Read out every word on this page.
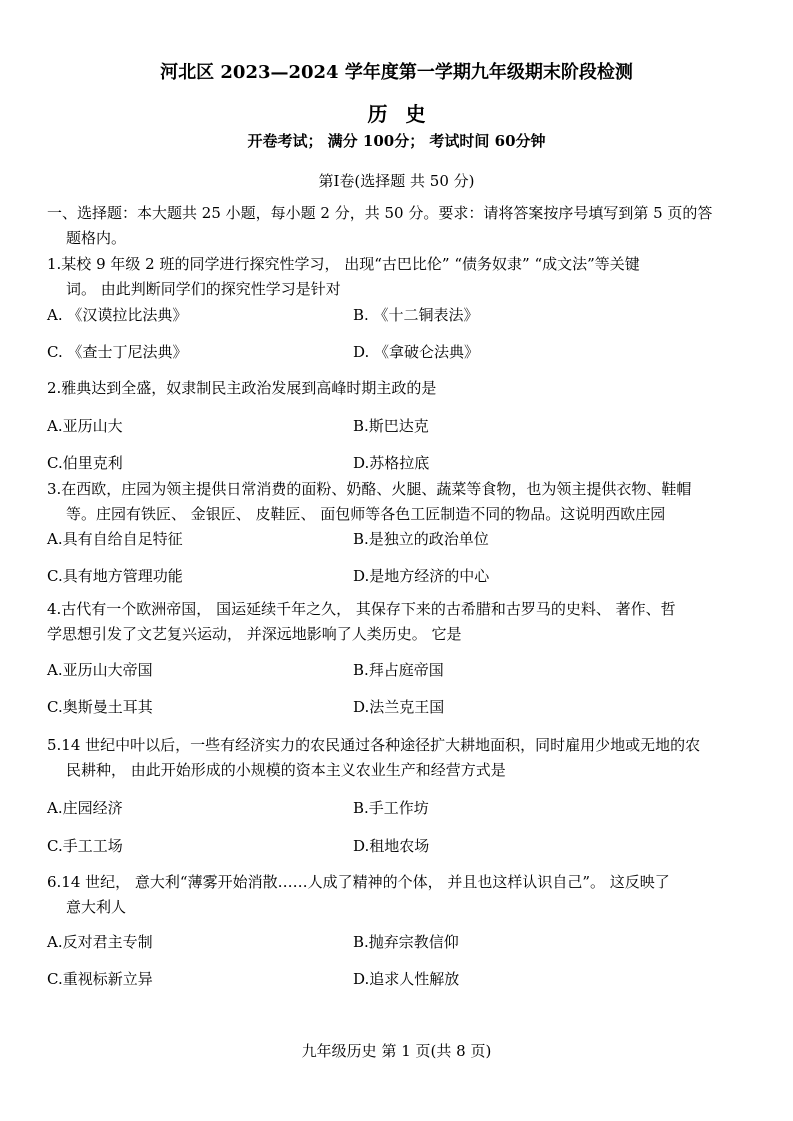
河北区 2023—2024 学年度第一学期九年级期末阶段检测
历史
开卷考试； 满分 100分； 考试时间 60分钟
第Ⅰ卷(选择题 共 50 分)
一、选择题：本大题共 25 小题，每小题 2 分，共 50 分。要求：请将答案按序号填写到第 5 页的答
题格内。
1.某校 9 年级 2 班的同学进行探究性学习， 出现“古巴比伦” “债务奴隶” “成文法”等关键
词。 由此判断同学们的探究性学习是针对
A. 《汉谟拉比法典》	B. 《十二铜表法》
C. 《查士丁尼法典》	D. 《拿破仑法典》
2.雅典达到全盛，奴隶制民主政治发展到高峰时期主政的是
A.亚历山大	B.斯巴达克
C.伯里克利	D.苏格拉底
3.在西欧，庄园为领主提供日常消费的面粉、奶酪、火腿、蔬菜等食物，也为领主提供衣物、鞋帽
等。庄园有铁匠、 金银匠、 皮鞋匠、 面包师等各色工匠制造不同的物品。这说明西欧庄园
A.具有自给自足特征	B.是独立的政治单位
C.具有地方管理功能	D.是地方经济的中心
4.古代有一个欧洲帝国， 国运延续千年之久， 其保存下来的古希腊和古罗马的史料、 著作、哲
学思想引发了文艺复兴运动， 并深远地影响了人类历史。 它是
A.亚历山大帝国	B.拜占庭帝国
C.奥斯曼土耳其	D.法兰克王国
5.14 世纪中叶以后，一些有经济实力的农民通过各种途径扩大耕地面积，同时雇用少地或无地的农
民耕种， 由此开始形成的小规模的资本主义农业生产和经营方式是
A.庄园经济	B.手工作坊
C.手工工场	D.租地农场
6.14 世纪， 意大利“薄雾开始消散……人成了精神的个体， 并且也这样认识自己”。 这反映了
意大利人
A.反对君主专制	B.抛弃宗教信仰
C.重视标新立异	D.追求人性解放
九年级历史 第 1 页(共 8 页)
